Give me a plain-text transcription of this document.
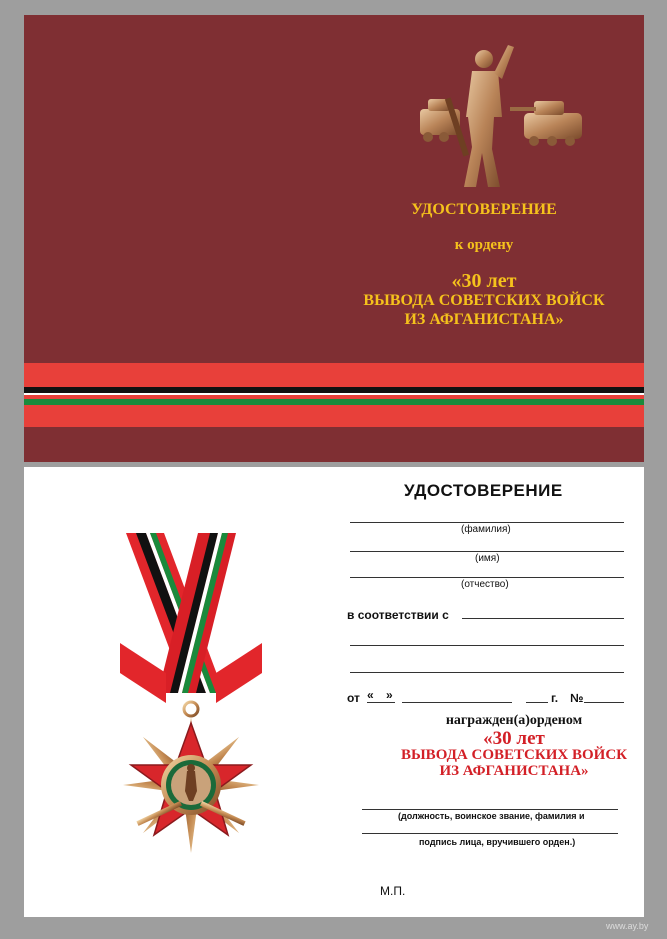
УДОСТОВЕРЕНИЕ
к ордену
«30 лет
ВЫВОДА СОВЕТСКИХ ВОЙСК
ИЗ АФГАНИСТАНА»
УДОСТОВЕРЕНИЕ
(фамилия)
(имя)
(отчество)
в соответствии с
от « »	г. №
награжден(а)орденом
«30 лет
ВЫВОДА СОВЕТСКИХ ВОЙСК
ИЗ АФГАНИСТАНА»
(должность, воинское звание, фамилия и
подпись лица, вручившего орден.)
М.П.
www.ay.by
